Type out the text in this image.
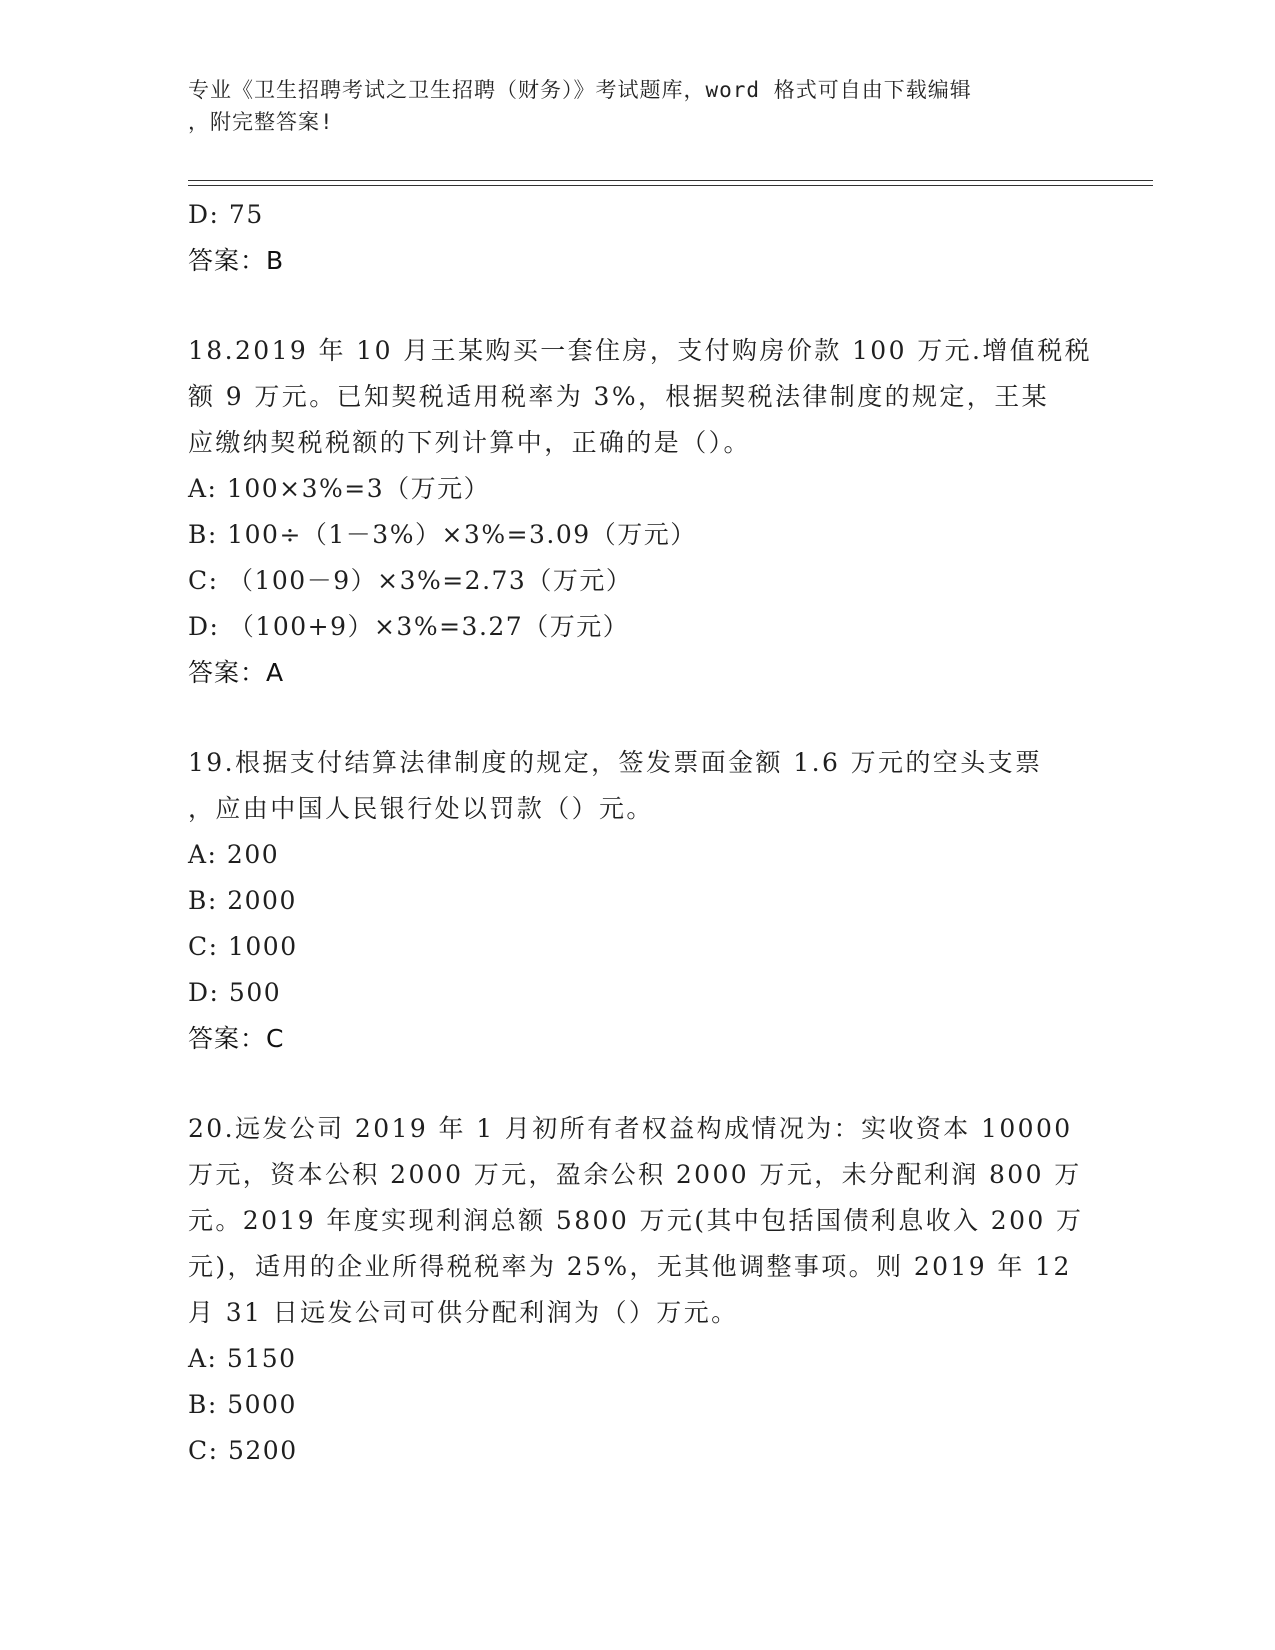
专业《卫生招聘考试之卫生招聘（财务）》考试题库，word 格式可自由下载编辑
，附完整答案!
D: 75
答案：B
18.2019 年 10 月王某购买一套住房，支付购房价款 100 万元.增值税税
额 9 万元。已知契税适用税率为 3%，根据契税法律制度的规定，王某
应缴纳契税税额的下列计算中，正确的是（）。
A: 100×3%=3（万元）
B: 100÷（1－3%）×3%=3.09（万元）
C: （100－9）×3%=2.73（万元）
D: （100+9）×3%=3.27（万元）
答案：A
19.根据支付结算法律制度的规定，签发票面金额 1.6 万元的空头支票
，应由中国人民银行处以罚款（）元。
A: 200
B: 2000
C: 1000
D: 500
答案：C
20.远发公司 2019 年 1 月初所有者权益构成情况为：实收资本 10000
万元，资本公积 2000 万元，盈余公积 2000 万元，未分配利润 800 万
元。2019 年度实现利润总额 5800 万元(其中包括国债利息收入 200 万
元)，适用的企业所得税税率为 25%，无其他调整事项。则 2019 年 12
月 31 日远发公司可供分配利润为（）万元。
A: 5150
B: 5000
C: 5200
